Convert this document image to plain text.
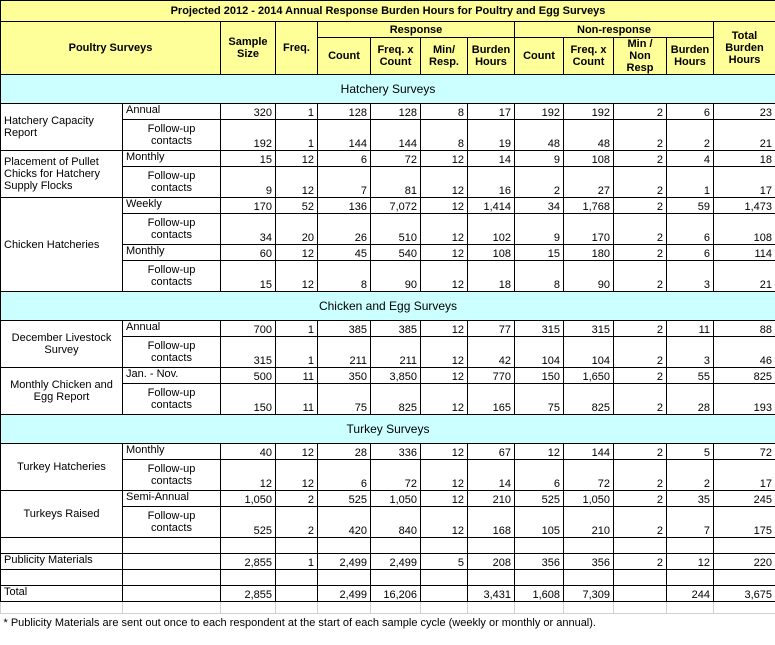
Projected 2012 - 2014 Annual Response Burden Hours for Poultry and Egg Surveys												
Poultry Surveys		Sample Size	Freq.	Response				Non-response				Total Burden Hours
				Count	Freq. x Count	Min/ Resp.	Burden Hours	Count	Freq. x Count	Min / Non Resp	Burden Hours	
Hatchery Surveys												
Hatchery Capacity Report	Annual	320	1	128	128	8	17	192	192	2	6	23
	Follow-up contacts	192	1	144	144	8	19	48	48	2	2	21
Placement of Pullet Chicks for Hatchery Supply Flocks	Monthly	15	12	6	72	12	14	9	108	2	4	18
	Follow-up contacts	9	12	7	81	12	16	2	27	2	1	17
Chicken Hatcheries	Weekly	170	52	136	7,072	12	1,414	34	1,768	2	59	1,473
	Follow-up contacts	34	20	26	510	12	102	9	170	2	6	108
	Monthly	60	12	45	540	12	108	15	180	2	6	114
	Follow-up contacts	15	12	8	90	12	18	8	90	2	3	21
Chicken and Egg Surveys												
December Livestock Survey	Annual	700	1	385	385	12	77	315	315	2	11	88
	Follow-up contacts	315	1	211	211	12	42	104	104	2	3	46
Monthly Chicken and Egg Report	Jan. - Nov.	500	11	350	3,850	12	770	150	1,650	2	55	825
	Follow-up contacts	150	11	75	825	12	165	75	825	2	28	193
Turkey Surveys												
Turkey Hatcheries	Monthly	40	12	28	336	12	67	12	144	2	5	72
	Follow-up contacts	12	12	6	72	12	14	6	72	2	2	17
Turkeys Raised	Semi-Annual	1,050	2	525	1,050	12	210	525	1,050	2	35	245
	Follow-up contacts	525	2	420	840	12	168	105	210	2	7	175

Publicity Materials		2,855	1	2,499	2,499	5	208	356	356	2	12	220

Total		2,855		2,499	16,206		3,431	1,608	7,309		244	3,675

* Publicity Materials are sent out once to each respondent at the start of each sample cycle (weekly or monthly or annual).												
